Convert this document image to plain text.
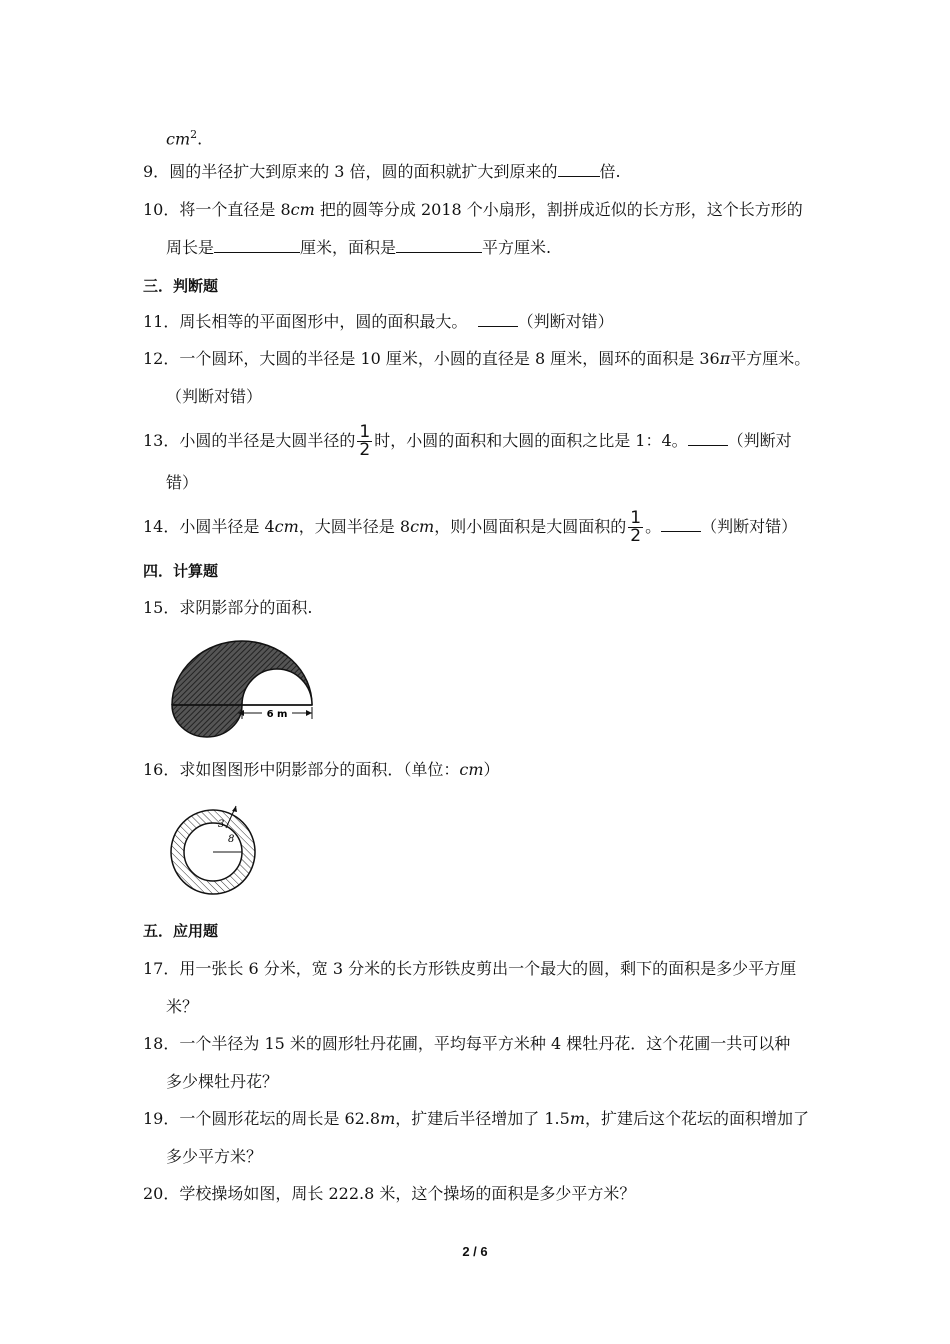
$cm^2$.
9．圆的半径扩大到原来的 3 倍，圆的面积就扩大到原来的	倍.
10．将一个直径是 8cm 把的圆等分成 2018 个小扇形，割拼成近似的长方形，这个长方形的
周长是	厘米，面积是	平方厘米.
三．判断题
11．周长相等的平面图形中，圆的面积最大。	（判断对错）
12．一个圆环，大圆的半径是 10 厘米，小圆的直径是 8 厘米，圆环的面积是 36π平方厘米。
（判断对错）
13．小圆的半径是大圆半径的 $\frac{1}{2}$ 时，小圆的面积和大圆的面积之比是 1：4。	（判断对
错）
14．小圆半径是 4cm，大圆半径是 8cm，则小圆面积是大圆面积的 $\frac{1}{2}$ 。	（判断对错）
四．计算题
15．求阴影部分的面积.
6 m
16．求如图图形中阴影部分的面积．（单位：cm）
3
8
五．应用题
17．用一张长 6 分米，宽 3 分米的长方形铁皮剪出一个最大的圆，剩下的面积是多少平方厘
米？
18．一个半径为 15 米的圆形牡丹花圃，平均每平方米种 4 棵牡丹花．这个花圃一共可以种
多少棵牡丹花？
19．一个圆形花坛的周长是 62.8m，扩建后半径增加了 1.5m，扩建后这个花坛的面积增加了
多少平方米？
20．学校操场如图，周长 222.8 米，这个操场的面积是多少平方米？
2 / 6
